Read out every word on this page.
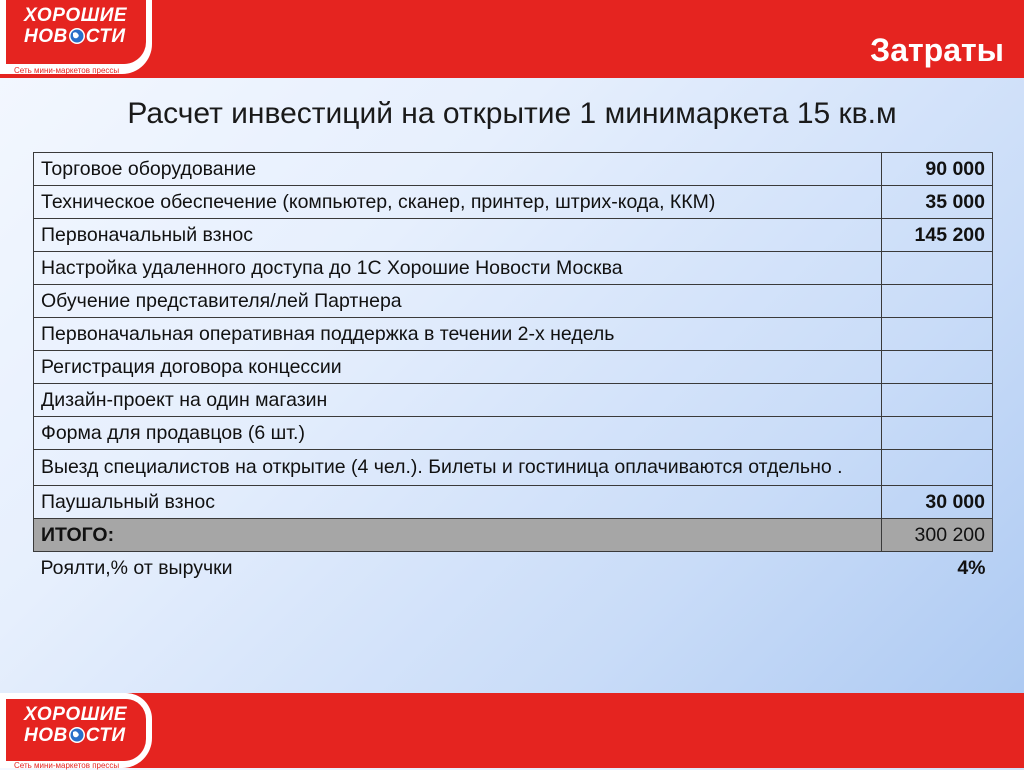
ХОРОШИЕ
НОВ СТИ
Сеть мини-маркетов прессы
Затраты
Расчет инвестиций на открытие 1 минимаркета 15 кв.м
Торговое оборудование	90 000
Техническое обеспечение (компьютер, сканер, принтер, штрих-кода, ККМ)	35 000
Первоначальный взнос	145 200
Настройка удаленного доступа до 1С Хорошие Новости Москва	
Обучение представителя/лей Партнера	
Первоначальная оперативная поддержка в течении 2-х недель	
Регистрация договора концессии	
Дизайн-проект на один магазин	
Форма для продавцов (6 шт.)	
Выезд специалистов на открытие (4 чел.). Билеты и гостиница оплачиваются отдельно .	
Паушальный взнос	30 000
ИТОГО:	300 200
Роялти,% от выручки	4%
ХОРОШИЕ
НОВ СТИ
Сеть мини-маркетов прессы
